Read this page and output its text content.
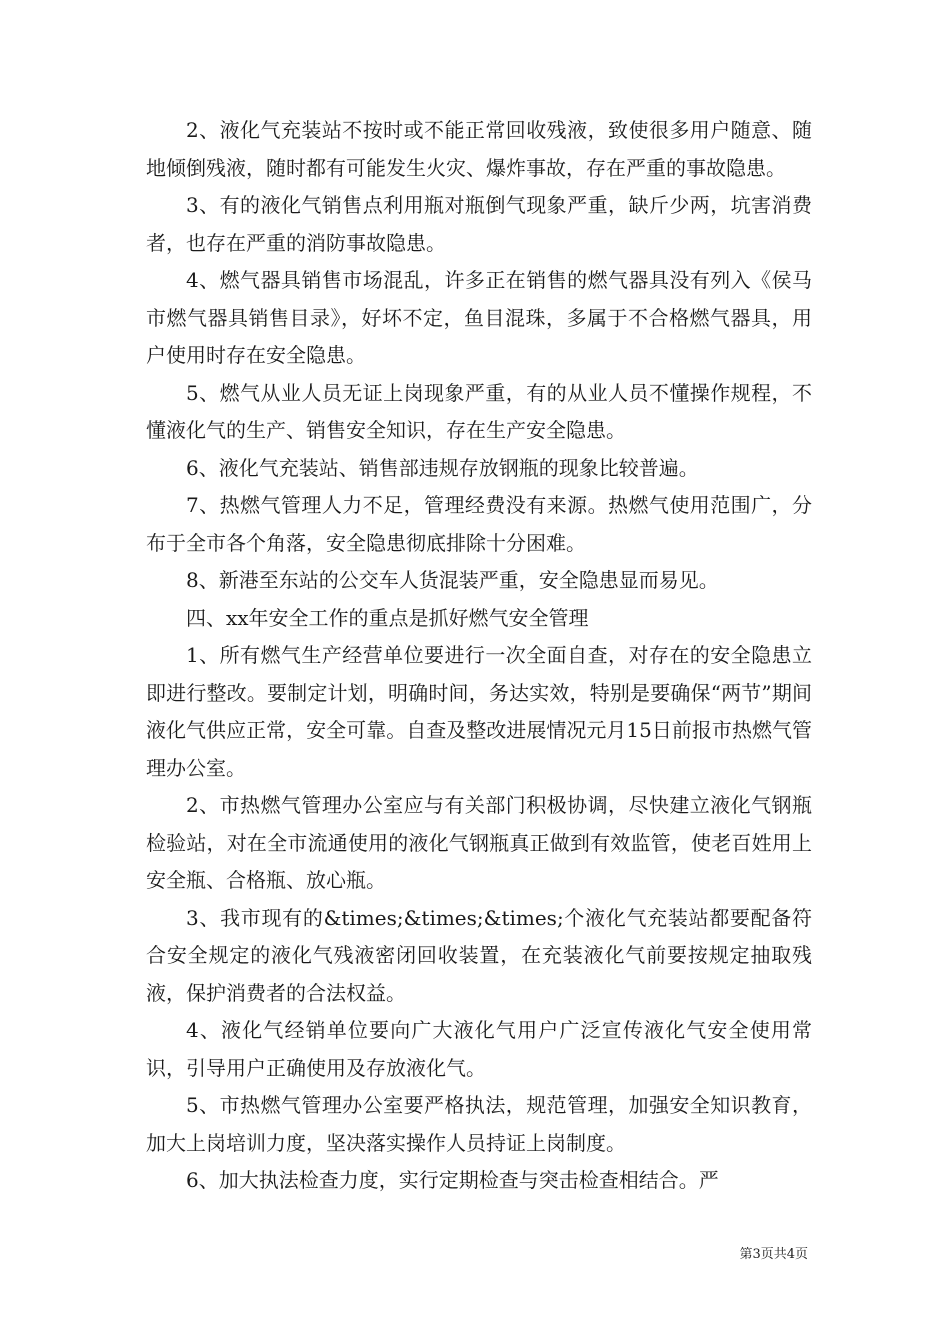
2、液化气充装站不按时或不能正常回收残液，致使很多用户随意、随地倾倒残液，随时都有可能发生火灾、爆炸事故，存在严重的事故隐患。

3、有的液化气销售点利用瓶对瓶倒气现象严重，缺斤少两，坑害消费者，也存在严重的消防事故隐患。

4、燃气器具销售市场混乱，许多正在销售的燃气器具没有列入《侯马市燃气器具销售目录》，好坏不定，鱼目混珠，多属于不合格燃气器具，用户使用时存在安全隐患。

5、燃气从业人员无证上岗现象严重，有的从业人员不懂操作规程，不懂液化气的生产、销售安全知识，存在生产安全隐患。

6、液化气充装站、销售部违规存放钢瓶的现象比较普遍。

7、热燃气管理人力不足，管理经费没有来源。热燃气使用范围广，分布于全市各个角落，安全隐患彻底排除十分困难。

8、新港至东站的公交车人货混装严重，安全隐患显而易见。

四、xx年安全工作的重点是抓好燃气安全管理

1、所有燃气生产经营单位要进行一次全面自查，对存在的安全隐患立即进行整改。要制定计划，明确时间，务达实效，特别是要确保“两节”期间液化气供应正常，安全可靠。自查及整改进展情况元月15日前报市热燃气管理办公室。

2、市热燃气管理办公室应与有关部门积极协调，尽快建立液化气钢瓶检验站，对在全市流通使用的液化气钢瓶真正做到有效监管，使老百姓用上安全瓶、合格瓶、放心瓶。

3、我市现有的&times;&times;&times;个液化气充装站都要配备符合安全规定的液化气残液密闭回收装置，在充装液化气前要按规定抽取残液，保护消费者的合法权益。

4、液化气经销单位要向广大液化气用户广泛宣传液化气安全使用常识，引导用户正确使用及存放液化气。

5、市热燃气管理办公室要严格执法，规范管理，加强安全知识教育，加大上岗培训力度，坚决落实操作人员持证上岗制度。

6、加大执法检查力度，实行定期检查与突击检查相结合。严

第3页共4页
